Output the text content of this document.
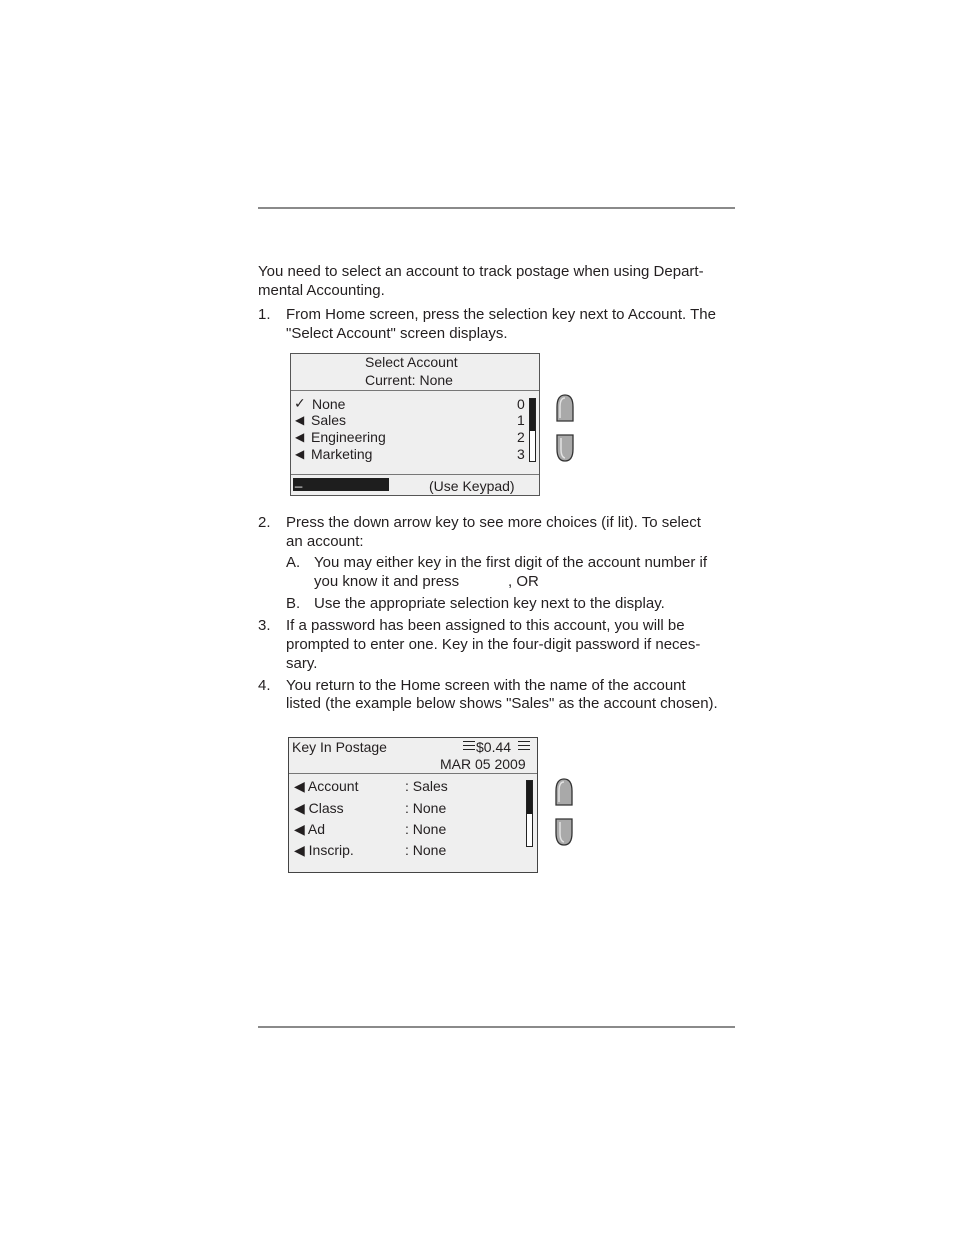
You need to select an account to track postage when using Depart-
mental Accounting.
1. From Home screen, press the selection key next to Account. The
"Select Account" screen displays.
Select Account
Current: None
✓ None	0
◀ Sales	1
◀ Engineering	2
◀ Marketing	3
_	(Use Keypad)
2. Press the down arrow key to see more choices (if lit). To select
an account:
A. You may either key in the first digit of the account number if
you know it and press	, OR
B. Use the appropriate selection key next to the display.
3. If a password has been assigned to this account, you will be
prompted to enter one. Key in the four-digit password if neces-
sary.
4. You return to the Home screen with the name of the account
listed (the example below shows "Sales" as the account chosen).
Key In Postage	$0.44
MAR 05 2009
◀ Account	: Sales
◀ Class	: None
◀ Ad	: None
◀ Inscrip.	: None
